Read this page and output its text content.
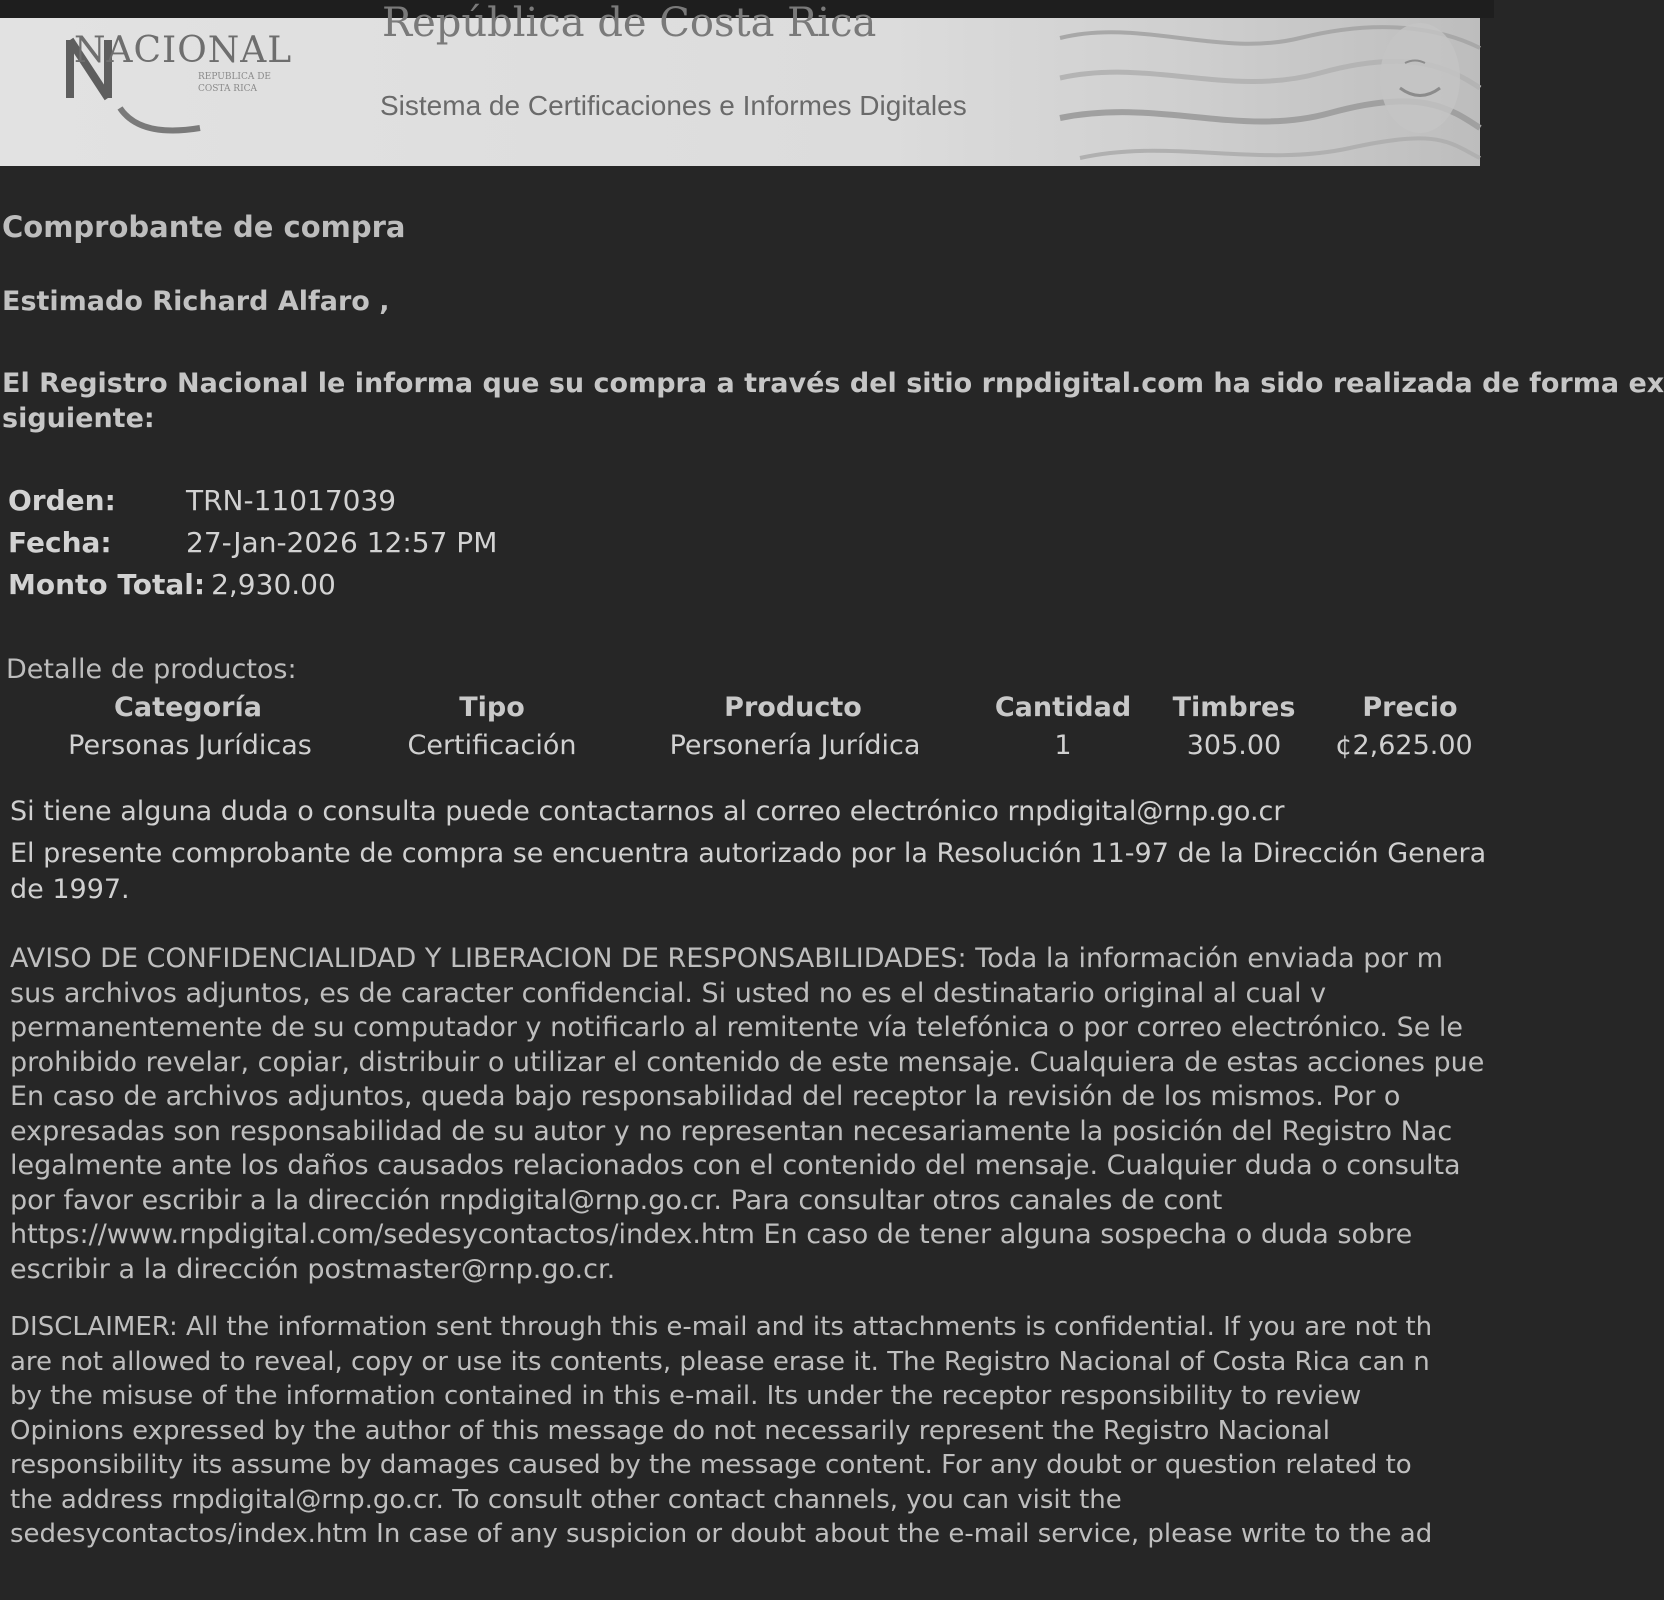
NACIONAL
REPUBLICA DE
COSTA RICA
República de Costa Rica
Sistema de Certificaciones e Informes Digitales
Comprobante de compra
Estimado Richard Alfaro ,
El Registro Nacional le informa que su compra a través del sitio rnpdigital.com ha sido realizada de forma ex
siguiente:
Orden:	TRN-11017039
Fecha:	27-Jan-2026 12:57 PM
Monto Total: 2,930.00
Detalle de productos:
Categoría	Tipo	Producto	Cantidad Timbres Precio
Personas Jurídicas	Certificación	Personería Jurídica	1	305.00 ¢2,625.00
Si tiene alguna duda o consulta puede contactarnos al correo electrónico rnpdigital@rnp.go.cr
El presente comprobante de compra se encuentra autorizado por la Resolución 11-97 de la Dirección Genera
de 1997.
AVISO DE CONFIDENCIALIDAD Y LIBERACION DE RESPONSABILIDADES: Toda la información enviada por m
sus archivos adjuntos, es de caracter confidencial. Si usted no es el destinatario original al cual v
permanentemente de su computador y notificarlo al remitente vía telefónica o por correo electrónico. Se le
prohibido revelar, copiar, distribuir o utilizar el contenido de este mensaje. Cualquiera de estas acciones pue
En caso de archivos adjuntos, queda bajo responsabilidad del receptor la revisión de los mismos. Por o
expresadas son responsabilidad de su autor y no representan necesariamente la posición del Registro Nac
legalmente ante los daños causados relacionados con el contenido del mensaje. Cualquier duda o consulta
por favor escribir a la dirección rnpdigital@rnp.go.cr. Para consultar otros canales de cont
https://www.rnpdigital.com/sedesycontactos/index.htm En caso de tener alguna sospecha o duda sobre
escribir a la dirección postmaster@rnp.go.cr.
DISCLAIMER: All the information sent through this e-mail and its attachments is confidential. If you are not th
are not allowed to reveal, copy or use its contents, please erase it. The Registro Nacional of Costa Rica can n
by the misuse of the information contained in this e-mail. Its under the receptor responsibility to review
Opinions expressed by the author of this message do not necessarily represent the Registro Nacional
responsibility its assume by damages caused by the message content. For any doubt or question related to
the address rnpdigital@rnp.go.cr. To consult other contact channels, you can visit the
sedesycontactos/index.htm In case of any suspicion or doubt about the e-mail service, please write to the ad
